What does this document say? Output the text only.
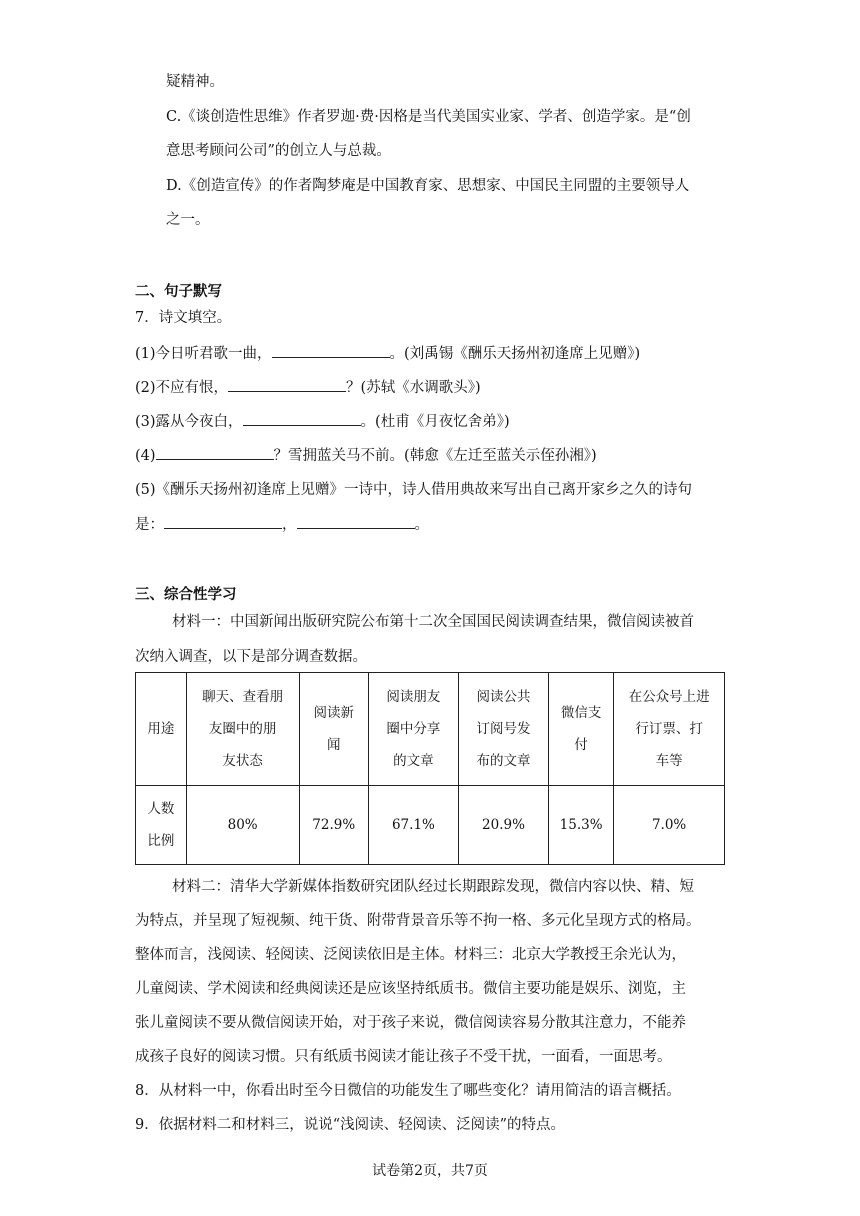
疑精神。
C.《谈创造性思维》作者罗迦·费·因格是当代美国实业家、学者、创造学家。是“创
意思考顾问公司”的创立人与总裁。
D.《创造宣传》的作者陶梦庵是中国教育家、思想家、中国民主同盟的主要领导人
之一。
二、句子默写
7．诗文填空。
(1)今日听君歌一曲，	。(刘禹锡《酬乐天扬州初逢席上见赠》)
(2)不应有恨，	？(苏轼《水调歌头》)
(3)露从今夜白，	。(杜甫《月夜忆舍弟》)
(4)	？雪拥蓝关马不前。(韩愈《左迁至蓝关示侄孙湘》)
(5)《酬乐天扬州初逢席上见赠》一诗中，诗人借用典故来写出自己离开家乡之久的诗句
是：	，	。
三、综合性学习
材料一：中国新闻出版研究院公布第十二次全国国民阅读调查结果，微信阅读被首
次纳入调查，以下是部分调查数据。
用途	聊天、查看朋
友圈中的朋
友状态	阅读新
闻	阅读朋友
圈中分享
的文章	阅读公共
订阅号发
布的文章	微信支
付	在公众号上进
行订票、打
车等
人数
比例	80%	72.9%	67.1%	20.9%	15.3%	7.0%
材料二：清华大学新媒体指数研究团队经过长期跟踪发现，微信内容以快、精、短
为特点，并呈现了短视频、纯干货、附带背景音乐等不拘一格、多元化呈现方式的格局。
整体而言，浅阅读、轻阅读、泛阅读依旧是主体。材料三：北京大学教授王余光认为，
儿童阅读、学术阅读和经典阅读还是应该坚持纸质书。微信主要功能是娱乐、浏览，主
张儿童阅读不要从微信阅读开始，对于孩子来说，微信阅读容易分散其注意力，不能养
成孩子良好的阅读习惯。只有纸质书阅读才能让孩子不受干扰，一面看，一面思考。
8．从材料一中，你看出时至今日微信的功能发生了哪些变化？请用简洁的语言概括。
9．依据材料二和材料三，说说“浅阅读、轻阅读、泛阅读”的特点。
试卷第2页，共7页
